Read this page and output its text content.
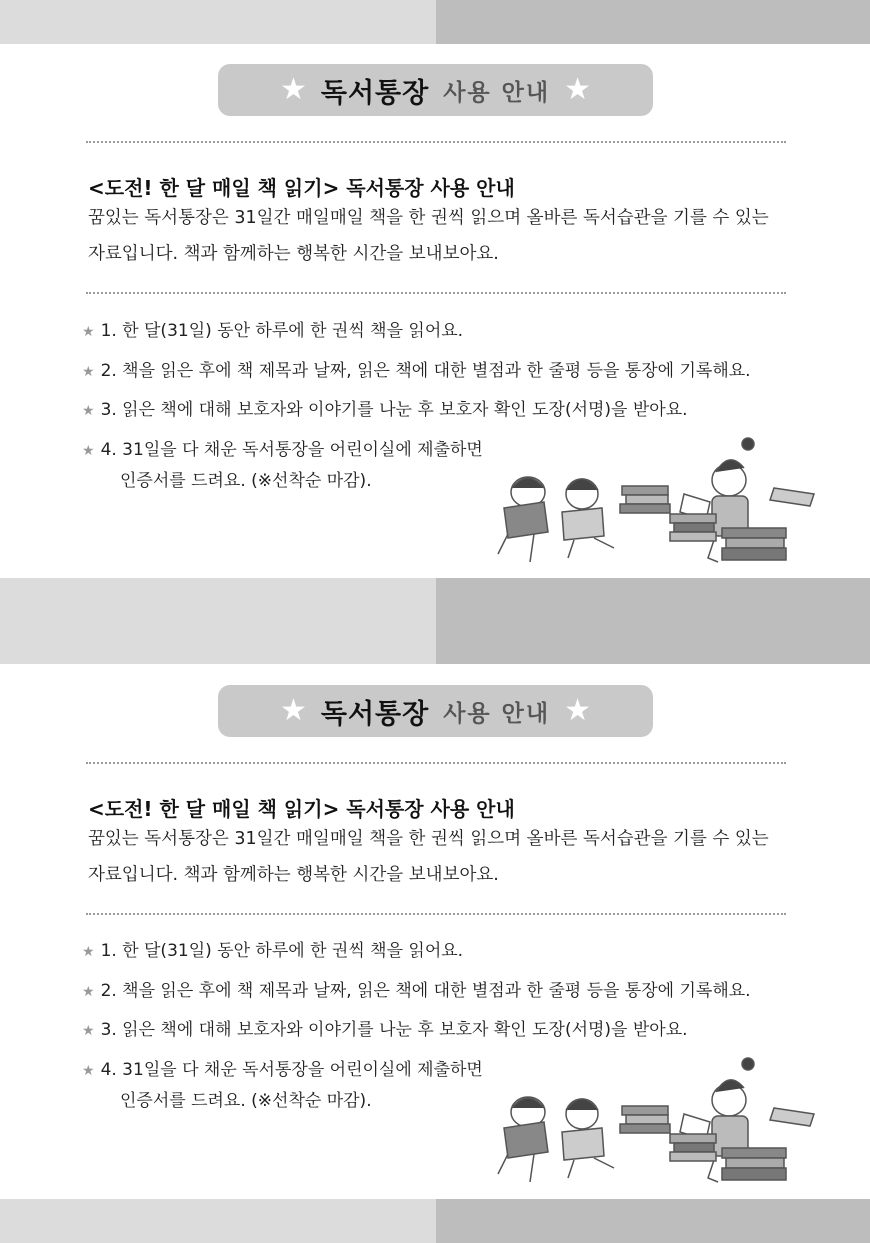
★ 독서통장 사용 안내 ★
<도전! 한 달 매일 책 읽기> 독서통장 사용 안내
꿈있는 독서통장은 31일간 매일매일 책을 한 권씩 읽으며 올바른 독서습관을 기를 수 있는
자료입니다. 책과 함께하는 행복한 시간을 보내보아요.
★ 1. 한 달(31일) 동안 하루에 한 권씩 책을 읽어요.
★ 2. 책을 읽은 후에 책 제목과 날짜, 읽은 책에 대한 별점과 한 줄평 등을 통장에 기록해요.
★ 3. 읽은 책에 대해 보호자와 이야기를 나눈 후 보호자 확인 도장(서명)을 받아요.
★ 4. 31일을 다 채운 독서통장을 어린이실에 제출하면
인증서를 드려요. (※선착순 마감).
★ 독서통장 사용 안내 ★
<도전! 한 달 매일 책 읽기> 독서통장 사용 안내
꿈있는 독서통장은 31일간 매일매일 책을 한 권씩 읽으며 올바른 독서습관을 기를 수 있는
자료입니다. 책과 함께하는 행복한 시간을 보내보아요.
★ 1. 한 달(31일) 동안 하루에 한 권씩 책을 읽어요.
★ 2. 책을 읽은 후에 책 제목과 날짜, 읽은 책에 대한 별점과 한 줄평 등을 통장에 기록해요.
★ 3. 읽은 책에 대해 보호자와 이야기를 나눈 후 보호자 확인 도장(서명)을 받아요.
★ 4. 31일을 다 채운 독서통장을 어린이실에 제출하면
인증서를 드려요. (※선착순 마감).
